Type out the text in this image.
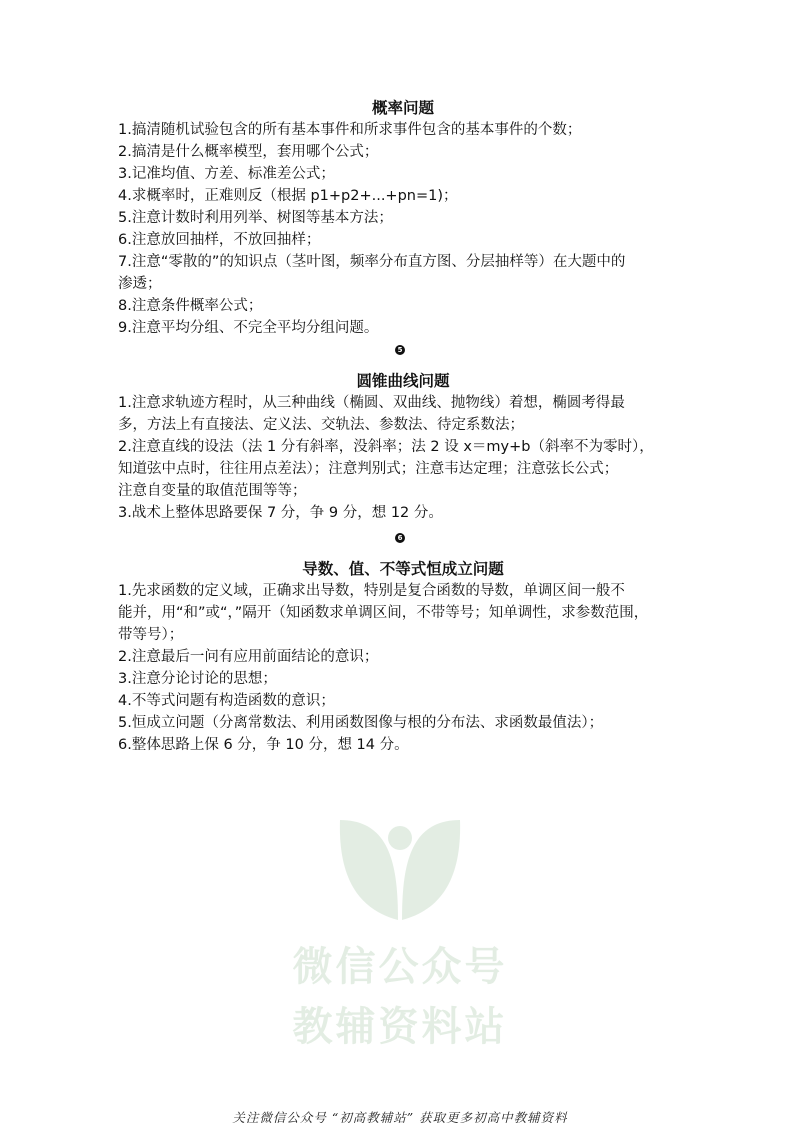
概率问题
1.搞清随机试验包含的所有基本事件和所求事件包含的基本事件的个数；
2.搞清是什么概率模型，套用哪个公式；
3.记准均值、方差、标准差公式；
4.求概率时，正难则反（根据 p1+p2+...+pn=1)；
5.注意计数时利用列举、树图等基本方法；
6.注意放回抽样，不放回抽样；
7.注意“零散的”的知识点（茎叶图，频率分布直方图、分层抽样等）在大题中的
渗透；
8.注意条件概率公式；
9.注意平均分组、不完全平均分组问题。
5
圆锥曲线问题
1.注意求轨迹方程时，从三种曲线（椭圆、双曲线、抛物线）着想，椭圆考得最
多，方法上有直接法、定义法、交轨法、参数法、待定系数法；
2.注意直线的设法（法 1 分有斜率，没斜率；法 2 设 x＝my+b（斜率不为零时），
知道弦中点时，往往用点差法）；注意判别式；注意韦达定理；注意弦长公式；
注意自变量的取值范围等等；
3.战术上整体思路要保 7 分，争 9 分，想 12 分。
6
导数、值、不等式恒成立问题
1.先求函数的定义域，正确求出导数，特别是复合函数的导数，单调区间一般不
能并，用“和”或“，”隔开（知函数求单调区间，不带等号；知单调性，求参数范围，
带等号）；
2.注意最后一问有应用前面结论的意识；
3.注意分论讨论的思想；
4.不等式问题有构造函数的意识；
5.恒成立问题（分离常数法、利用函数图像与根的分布法、求函数最值法）；
6.整体思路上保 6 分，争 10 分，想 14 分。
微信公众号
教辅资料站
关注微信公众号 “初高教辅站” 获取更多初高中教辅资料
